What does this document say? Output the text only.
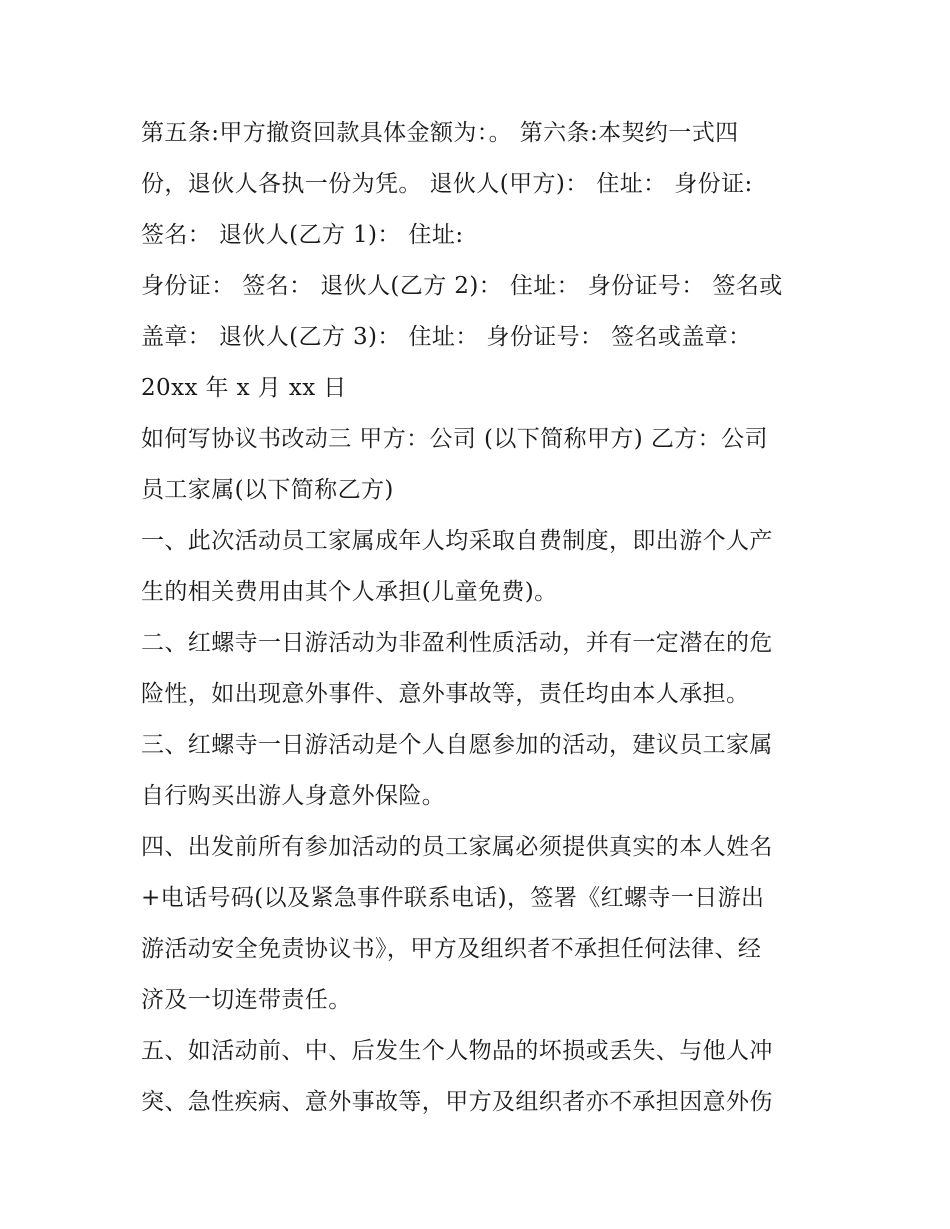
第五条:甲方撤资回款具体金额为：。 第六条:本契约一式四
份，退伙人各执一份为凭。 退伙人(甲方)： 住址： 身份证:
签名： 退伙人(乙方 1)： 住址:
身份证： 签名： 退伙人(乙方 2)： 住址： 身份证号： 签名或
盖章： 退伙人(乙方 3)： 住址： 身份证号： 签名或盖章：
20xx 年 x 月 xx 日
如何写协议书改动三 甲方：公司 (以下简称甲方) 乙方：公司
员工家属(以下简称乙方)
一、此次活动员工家属成年人均采取自费制度，即出游个人产
生的相关费用由其个人承担(儿童免费)。
二、红螺寺一日游活动为非盈利性质活动，并有一定潜在的危
险性，如出现意外事件、意外事故等，责任均由本人承担。
三、红螺寺一日游活动是个人自愿参加的活动，建议员工家属
自行购买出游人身意外保险。
四、出发前所有参加活动的员工家属必须提供真实的本人姓名
+电话号码(以及紧急事件联系电话)，签署《红螺寺一日游出
游活动安全免责协议书》，甲方及组织者不承担任何法律、经
济及一切连带责任。
五、如活动前、中、后发生个人物品的坏损或丢失、与他人冲
突、急性疾病、意外事故等，甲方及组织者亦不承担因意外伤
